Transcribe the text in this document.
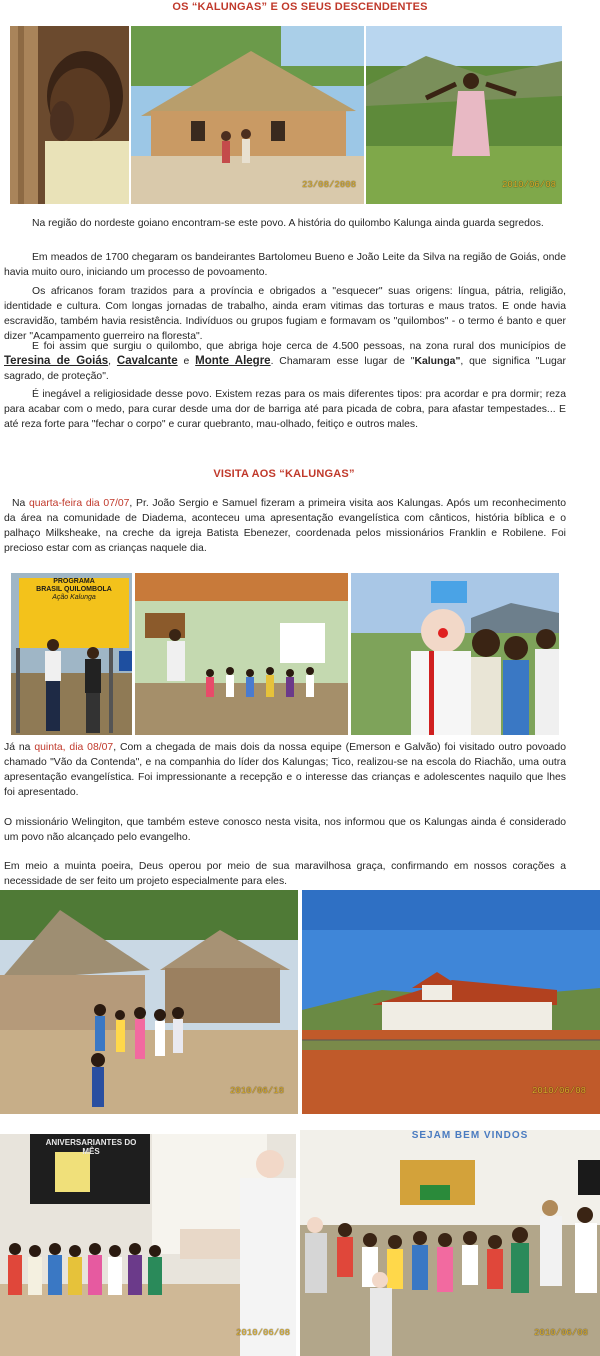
OS “KALUNGAS” E OS SEUS DESCENDENTES
23/08/2008	2010/06/08
Na região do nordeste goiano encontram-se este povo. A história do quilombo Kalunga ainda guarda segredos.
Em meados de 1700 chegaram os bandeirantes Bartolomeu Bueno e João Leite da Silva na região de Goiás, onde havia muito ouro, iniciando um processo de povoamento.
Os africanos foram trazidos para a província e obrigados a "esquecer" suas origens: língua, pátria, religião, identidade e cultura. Com longas jornadas de trabalho, ainda eram vitimas das torturas e maus tratos. E onde havia escravidão, também havia resistência. Indivíduos ou grupos fugiam e formavam os "quilombos" - o termo é banto e quer dizer "Acampamento guerreiro na floresta".
E foi assim que surgiu o quilombo, que abriga hoje cerca de 4.500 pessoas, na zona rural dos municípios de Teresina de Goiás, Cavalcante e Monte Alegre. Chamaram esse lugar de "Kalunga", que significa "Lugar sagrado, de proteção".
É inegável a religiosidade desse povo. Existem rezas para os mais diferentes tipos: pra acordar e pra dormir; reza para acabar com o medo, para curar desde uma dor de barriga até para picada de cobra, para afastar tempestades... E até reza forte para "fechar o corpo" e curar quebranto, mau-olhado, feitiço e outros males.
VISITA AOS “KALUNGAS”
Na quarta-feira dia 07/07, Pr. João Sergio e Samuel fizeram a primeira visita aos Kalungas. Após um reconhecimento da área na comunidade de Diadema, aconteceu uma apresentação evangelística com cânticos, história bíblica e o palhaço Milksheake, na creche da igreja Batista Ebenezer, coordenada pelos missionários Franklin e Robilene. Foi precioso estar com as crianças naquele dia.
PROGRAMA
BRASIL QUILOMBOLA
Ação Kalunga
Já na quinta, dia 08/07, Com a chegada de mais dois da nossa equipe (Emerson e Galvão) foi visitado outro povoado chamado "Vão da Contenda", e na companhia do líder dos Kalungas; Tico, realizou-se na escola do Riachão, uma outra apresentação evangelística. Foi impressionante a recepção e o interesse das crianças e adolescentes naquilo que lhes foi apresentado.
O missionário Welingiton, que também esteve conosco nesta visita, nos informou que os Kalungas ainda é considerado um povo não alcançado pelo evangelho.
Em meio a muinta poeira, Deus operou por meio de sua maravilhosa graça, confirmando em nossos corações a necessidade de ser feito um projeto especialmente para eles.
2010/06/18	2010/06/08
ANIVERSARIANTES DO MÊS
2010/06/08
SEJAM BEM VINDOS
2010/06/08
